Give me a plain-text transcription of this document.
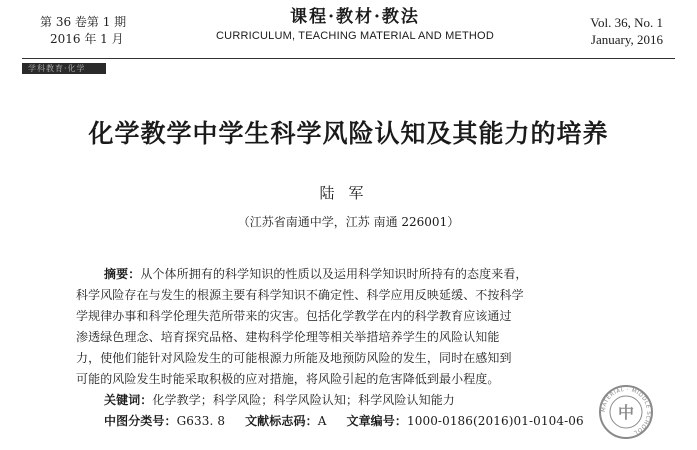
第 36 卷第 1 期
2016 年 1 月
课程·教材·教法
CURRICULUM, TEACHING MATERIAL AND METHOD
Vol. 36, No. 1
January, 2016
学科教育·化学
化学教学中学生科学风险认知及其能力的培养
陆军
（江苏省南通中学，江苏 南通 226001）
摘要：从个体所拥有的科学知识的性质以及运用科学知识时所持有的态度来看，
科学风险存在与发生的根源主要有科学知识不确定性、科学应用反映延缓、不按科学
学规律办事和科学伦理失范所带来的灾害。包括化学教学在内的科学教育应该通过
渗透绿色理念、培育探究品格、建构科学伦理等相关举措培养学生的风险认知能
力，使他们能针对风险发生的可能根源力所能及地预防风险的发生，同时在感知到
可能的风险发生时能采取积极的应对措施，将风险引起的危害降低到最小程度。
关键词：化学教学；科学风险；科学风险认知；科学风险认知能力
中图分类号：G633. 8 文献标志码：A 文章编号：1000-0186(2016)01-0104-06
MATERIAL · MIDDLE SCHOOL
中
